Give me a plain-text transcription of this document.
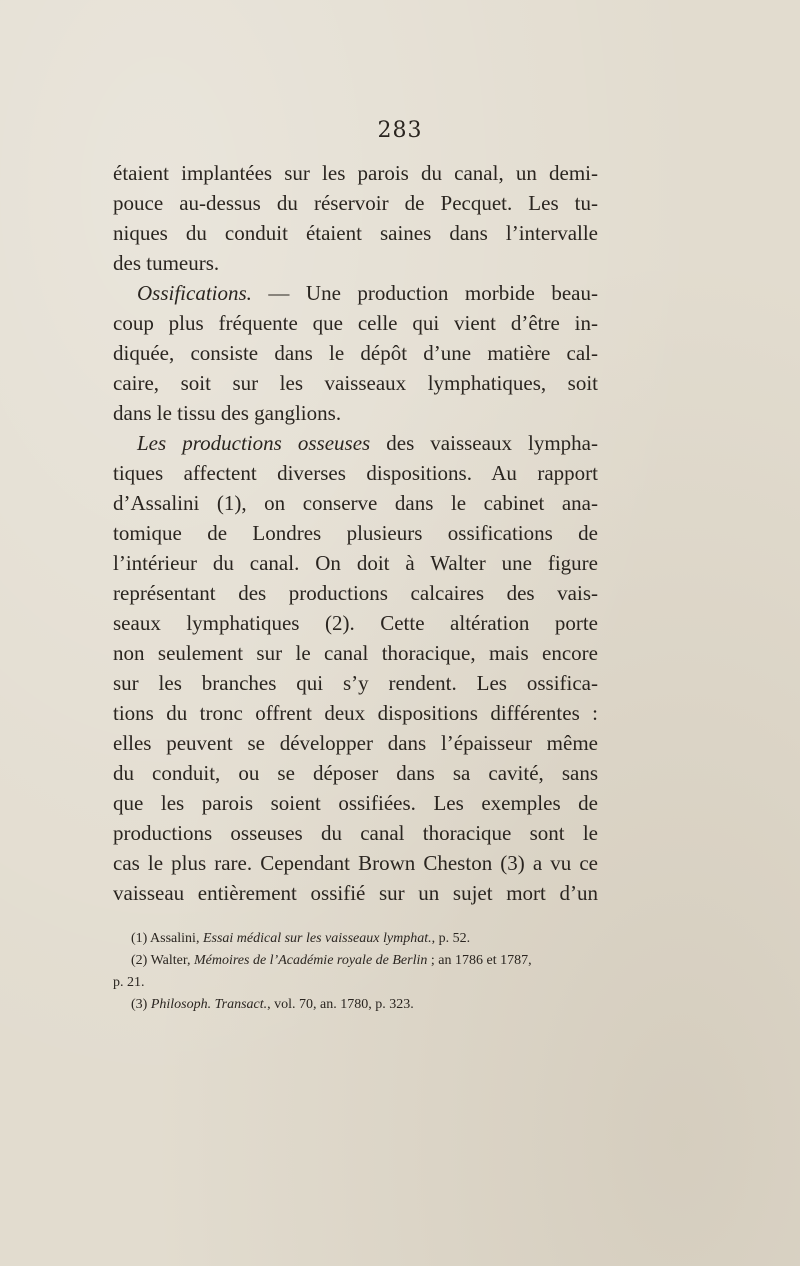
283
étaient implantées sur les parois du canal, un demi-
pouce au-dessus du réservoir de Pecquet. Les tu-
niques du conduit étaient saines dans l’intervalle
des tumeurs.
Ossifications. — Une production morbide beau-
coup plus fréquente que celle qui vient d’être in-
diquée, consiste dans le dépôt d’une matière cal-
caire, soit sur les vaisseaux lymphatiques, soit
dans le tissu des ganglions.
Les productions osseuses des vaisseaux lympha-
tiques affectent diverses dispositions. Au rapport
d’Assalini (1), on conserve dans le cabinet ana-
tomique de Londres plusieurs ossifications de
l’intérieur du canal. On doit à Walter une figure
représentant des productions calcaires des vais-
seaux lymphatiques (2). Cette altération porte
non seulement sur le canal thoracique, mais encore
sur les branches qui s’y rendent. Les ossifica-
tions du tronc offrent deux dispositions différentes :
elles peuvent se développer dans l’épaisseur même
du conduit, ou se déposer dans sa cavité, sans
que les parois soient ossifiées. Les exemples de
productions osseuses du canal thoracique sont le
cas le plus rare. Cependant Brown Cheston (3) a vu ce
vaisseau entièrement ossifié sur un sujet mort d’un
(1) Assalini, Essai médical sur les vaisseaux lymphat., p. 52.
(2) Walter, Mémoires de l’Académie royale de Berlin ; an 1786 et 1787,
p. 21.
(3) Philosoph. Transact., vol. 70, an. 1780, p. 323.
